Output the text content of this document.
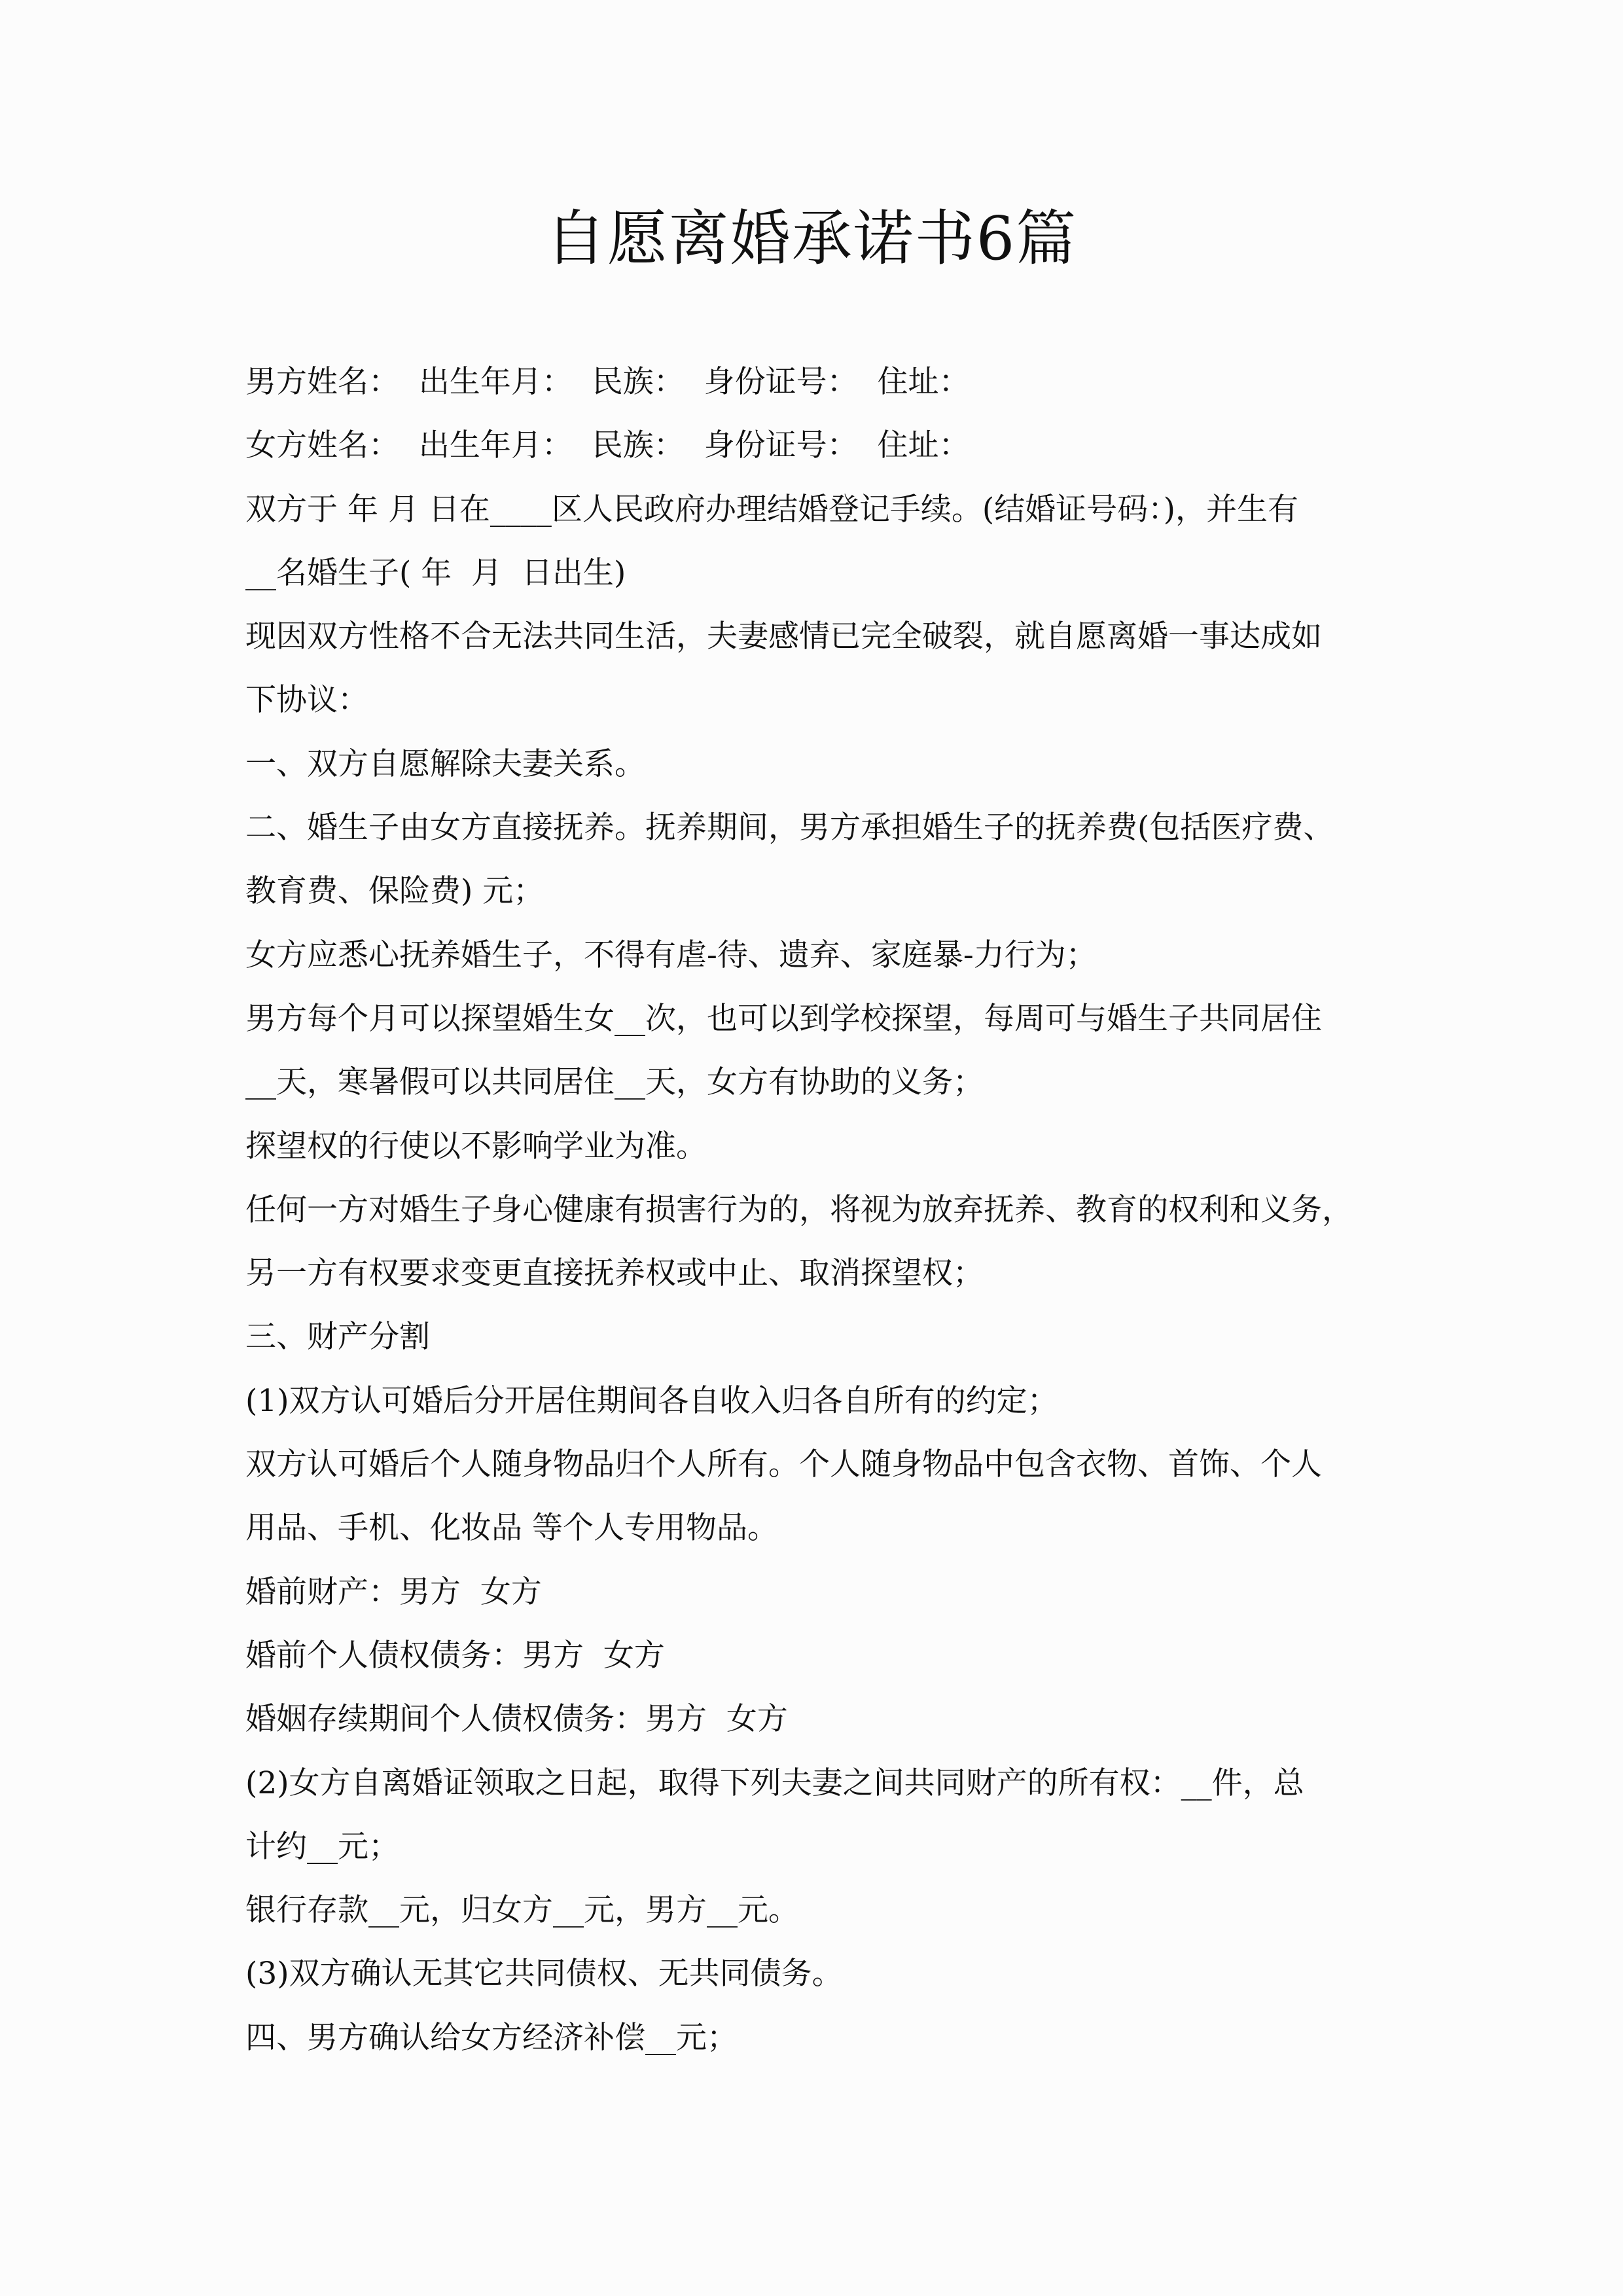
自愿离婚承诺书6篇

男方姓名：  出生年月：  民族：  身份证号：  住址：

女方姓名：  出生年月：  民族：  身份证号：  住址：

双方于 年 月 日在____区人民政府办理结婚登记手续。(结婚证号码：)，并生有

__名婚生子( 年  月  日出生)

现因双方性格不合无法共同生活，夫妻感情已完全破裂，就自愿离婚一事达成如

下协议：

一、双方自愿解除夫妻关系。

二、婚生子由女方直接抚养。抚养期间，男方承担婚生子的抚养费(包括医疗费、

教育费、保险费) 元；

女方应悉心抚养婚生子，不得有虐-待、遗弃、家庭暴-力行为；

男方每个月可以探望婚生女__次，也可以到学校探望，每周可与婚生子共同居住

__天，寒暑假可以共同居住__天，女方有协助的义务；

探望权的行使以不影响学业为准。

任何一方对婚生子身心健康有损害行为的，将视为放弃抚养、教育的权利和义务，

另一方有权要求变更直接抚养权或中止、取消探望权；

三、财产分割

(1)双方认可婚后分开居住期间各自收入归各自所有的约定；

双方认可婚后个人随身物品归个人所有。个人随身物品中包含衣物、首饰、个人

用品、手机、化妆品 等个人专用物品。

婚前财产：男方  女方

婚前个人债权债务：男方  女方

婚姻存续期间个人债权债务：男方  女方

(2)女方自离婚证领取之日起，取得下列夫妻之间共同财产的所有权：__件，总

计约__元；

银行存款__元，归女方__元，男方__元。

(3)双方确认无其它共同债权、无共同债务。

四、男方确认给女方经济补偿__元；
